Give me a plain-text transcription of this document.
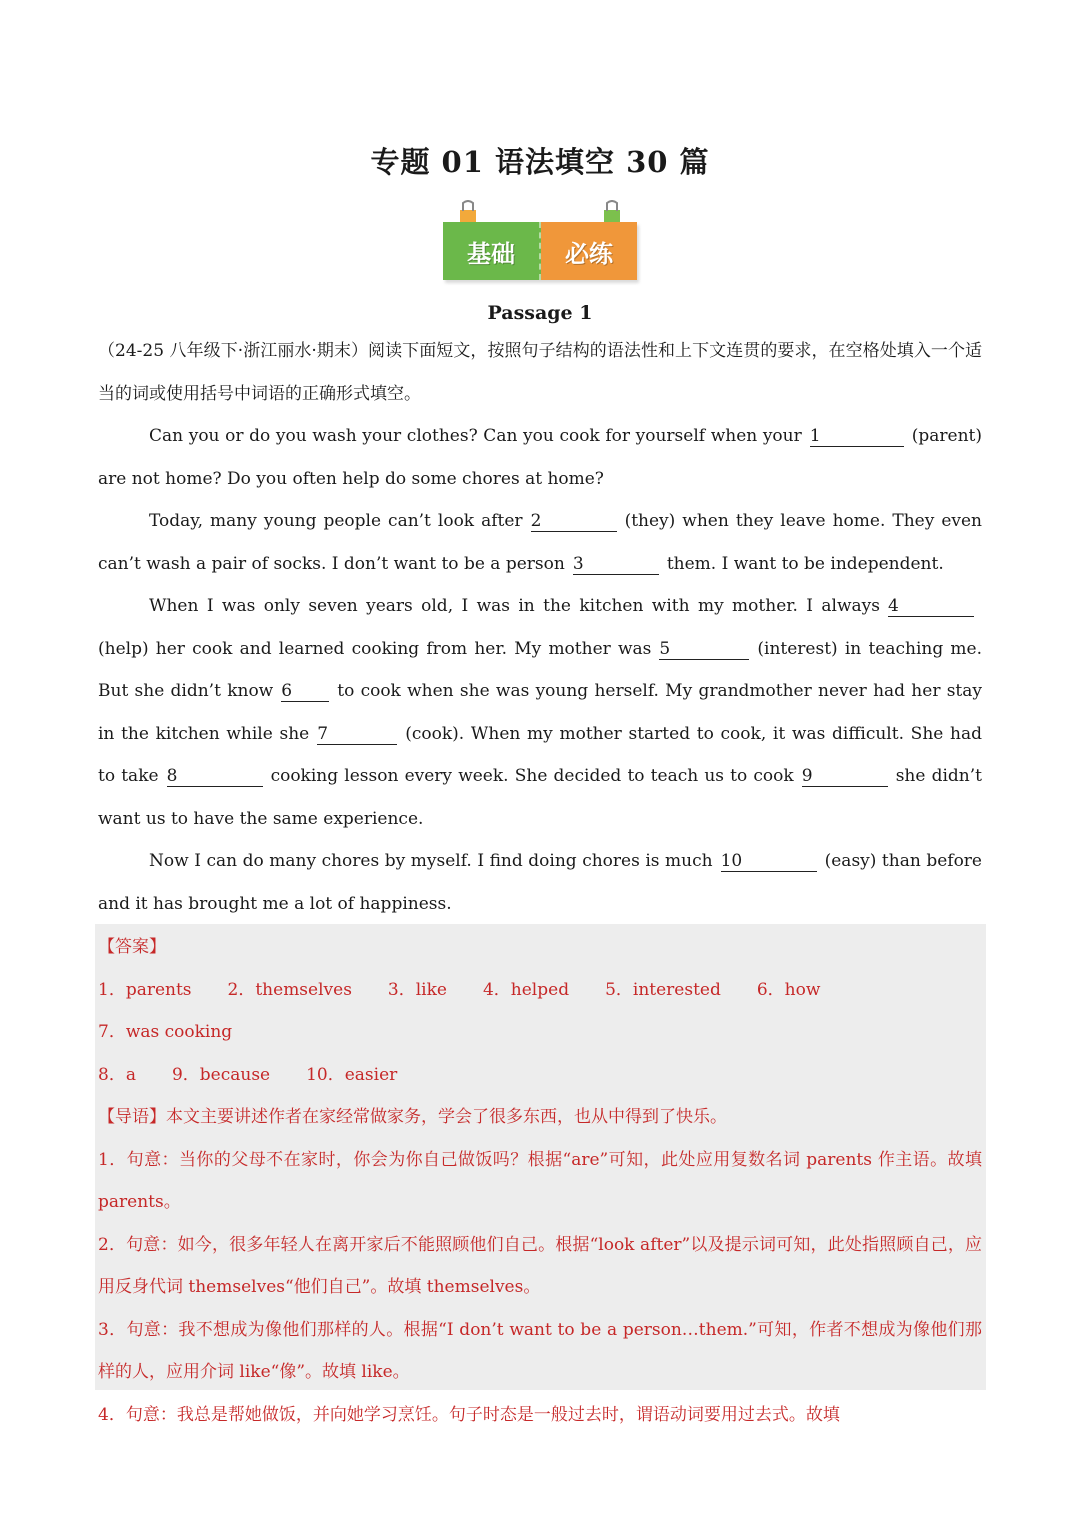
专题 01 语法填空 30 篇
基础	必练
Passage 1
（24-25 八年级下·浙江丽水·期末）阅读下面短文，按照句子结构的语法性和上下文连贯的要求，在空格处填入一个适当的词或使用括号中词语的正确形式填空。
Can you or do you wash your clothes? Can you cook for yourself when your 1	(parent) are not home? Do you often help do some chores at home?
Today, many young people can’t look after 2	(they) when they leave home. They even can’t wash a pair of socks. I don’t want to be a person 3	them. I want to be independent.
When I was only seven years old, I was in the kitchen with my mother. I always 4(help) her cook and learned cooking from her. My mother was 5	(interest) in teaching me. But she didn’t know 6	to cook when she was young herself. My grandmother never had her stay in the kitchen while she 7	(cook). When my mother started to cook, it was difficult. She had to take 8	cooking lesson every week. She decided to teach us to cook 9	she didn’t want us to have the same experience.
Now I can do many chores by myself. I find doing chores is much 10	(easy) than before and it has brought me a lot of happiness.
【答案】
1．parents 2．themselves 3．like 4．helped 5．interested 6．how7．was cooking
8．a 9．because 10．easier
【导语】本文主要讲述作者在家经常做家务，学会了很多东西，也从中得到了快乐。
1．句意：当你的父母不在家时，你会为你自己做饭吗？根据“are”可知，此处应用复数名词 parents 作主语。故填 parents。
2．句意：如今，很多年轻人在离开家后不能照顾他们自己。根据“look after”以及提示词可知，此处指照顾自己，应用反身代词 themselves“他们自己”。故填 themselves。
3．句意：我不想成为像他们那样的人。根据“I don’t want to be a person…them.”可知，作者不想成为像他们那样的人，应用介词 like“像”。故填 like。
4．句意：我总是帮她做饭，并向她学习烹饪。句子时态是一般过去时，谓语动词要用过去式。故填
